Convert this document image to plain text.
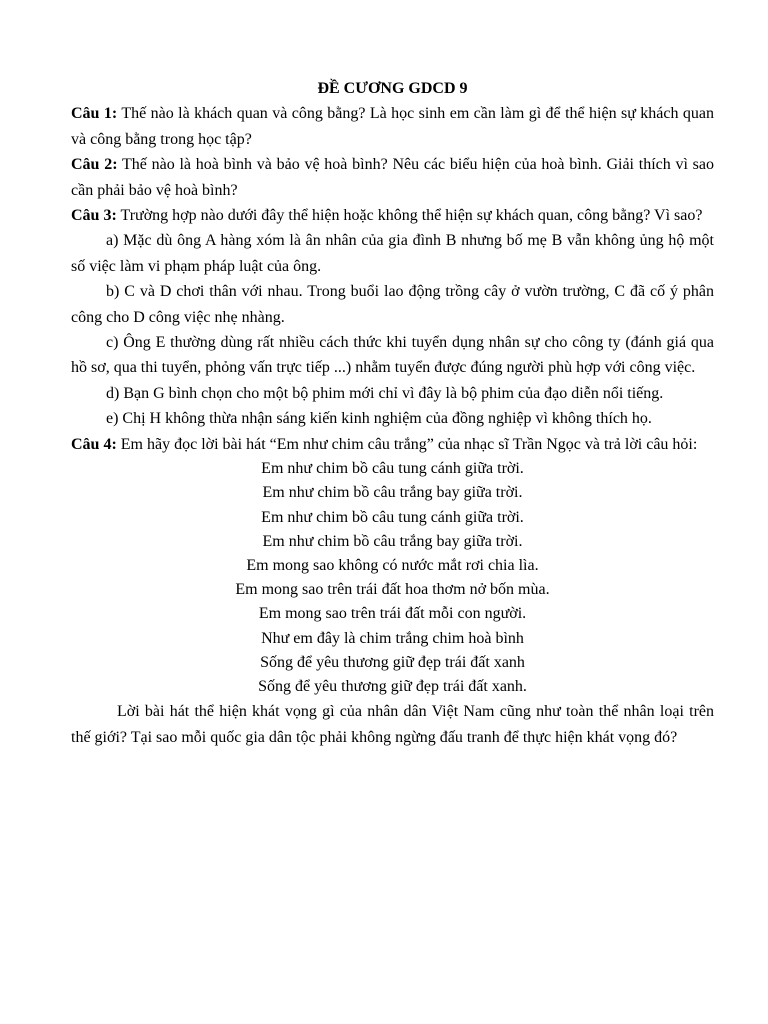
ĐỀ CƯƠNG GDCD 9

Câu 1: Thế nào là khách quan và công bằng? Là học sinh em cần làm gì để thể hiện sự khách quan và công bằng trong học tập?

Câu 2: Thế nào là hoà bình và bảo vệ hoà bình? Nêu các biểu hiện của hoà bình. Giải thích vì sao cần phải bảo vệ hoà bình?

Câu 3: Trường hợp nào dưới đây thể hiện hoặc không thể hiện sự khách quan, công bằng? Vì sao?

a) Mặc dù ông A hàng xóm là ân nhân của gia đình B nhưng bố mẹ B vẫn không ủng hộ một số việc làm vi phạm pháp luật của ông.

b) C và D chơi thân với nhau. Trong buổi lao động trồng cây ở vườn trường, C đã cố ý phân công cho D công việc nhẹ nhàng.

c) Ông E thường dùng rất nhiều cách thức khi tuyển dụng nhân sự cho công ty (đánh giá qua hồ sơ, qua thi tuyển, phỏng vấn trực tiếp ...) nhằm tuyển được đúng người phù hợp với công việc.

d) Bạn G bình chọn cho một bộ phim mới chỉ vì đây là bộ phim của đạo diễn nổi tiếng.

e) Chị H không thừa nhận sáng kiến kinh nghiệm của đồng nghiệp vì không thích họ.

Câu 4: Em hãy đọc lời bài hát “Em như chim câu trắng” của nhạc sĩ Trần Ngọc và trả lời câu hỏi:

Em như chim bồ câu tung cánh giữa trời.
Em như chim bồ câu trắng bay giữa trời.
Em như chim bồ câu tung cánh giữa trời.
Em như chim bồ câu trắng bay giữa trời.
Em mong sao không có nước mắt rơi chia lìa.
Em mong sao trên trái đất hoa thơm nở bốn mùa.
Em mong sao trên trái đất mỗi con người.
Như em đây là chim trắng chim hoà bình
Sống để yêu thương giữ đẹp trái đất xanh
Sống để yêu thương giữ đẹp trái đất xanh.

Lời bài hát thể hiện khát vọng gì của nhân dân Việt Nam cũng như toàn thể nhân loại trên thế giới? Tại sao mỗi quốc gia dân tộc phải không ngừng đấu tranh để thực hiện khát vọng đó?
